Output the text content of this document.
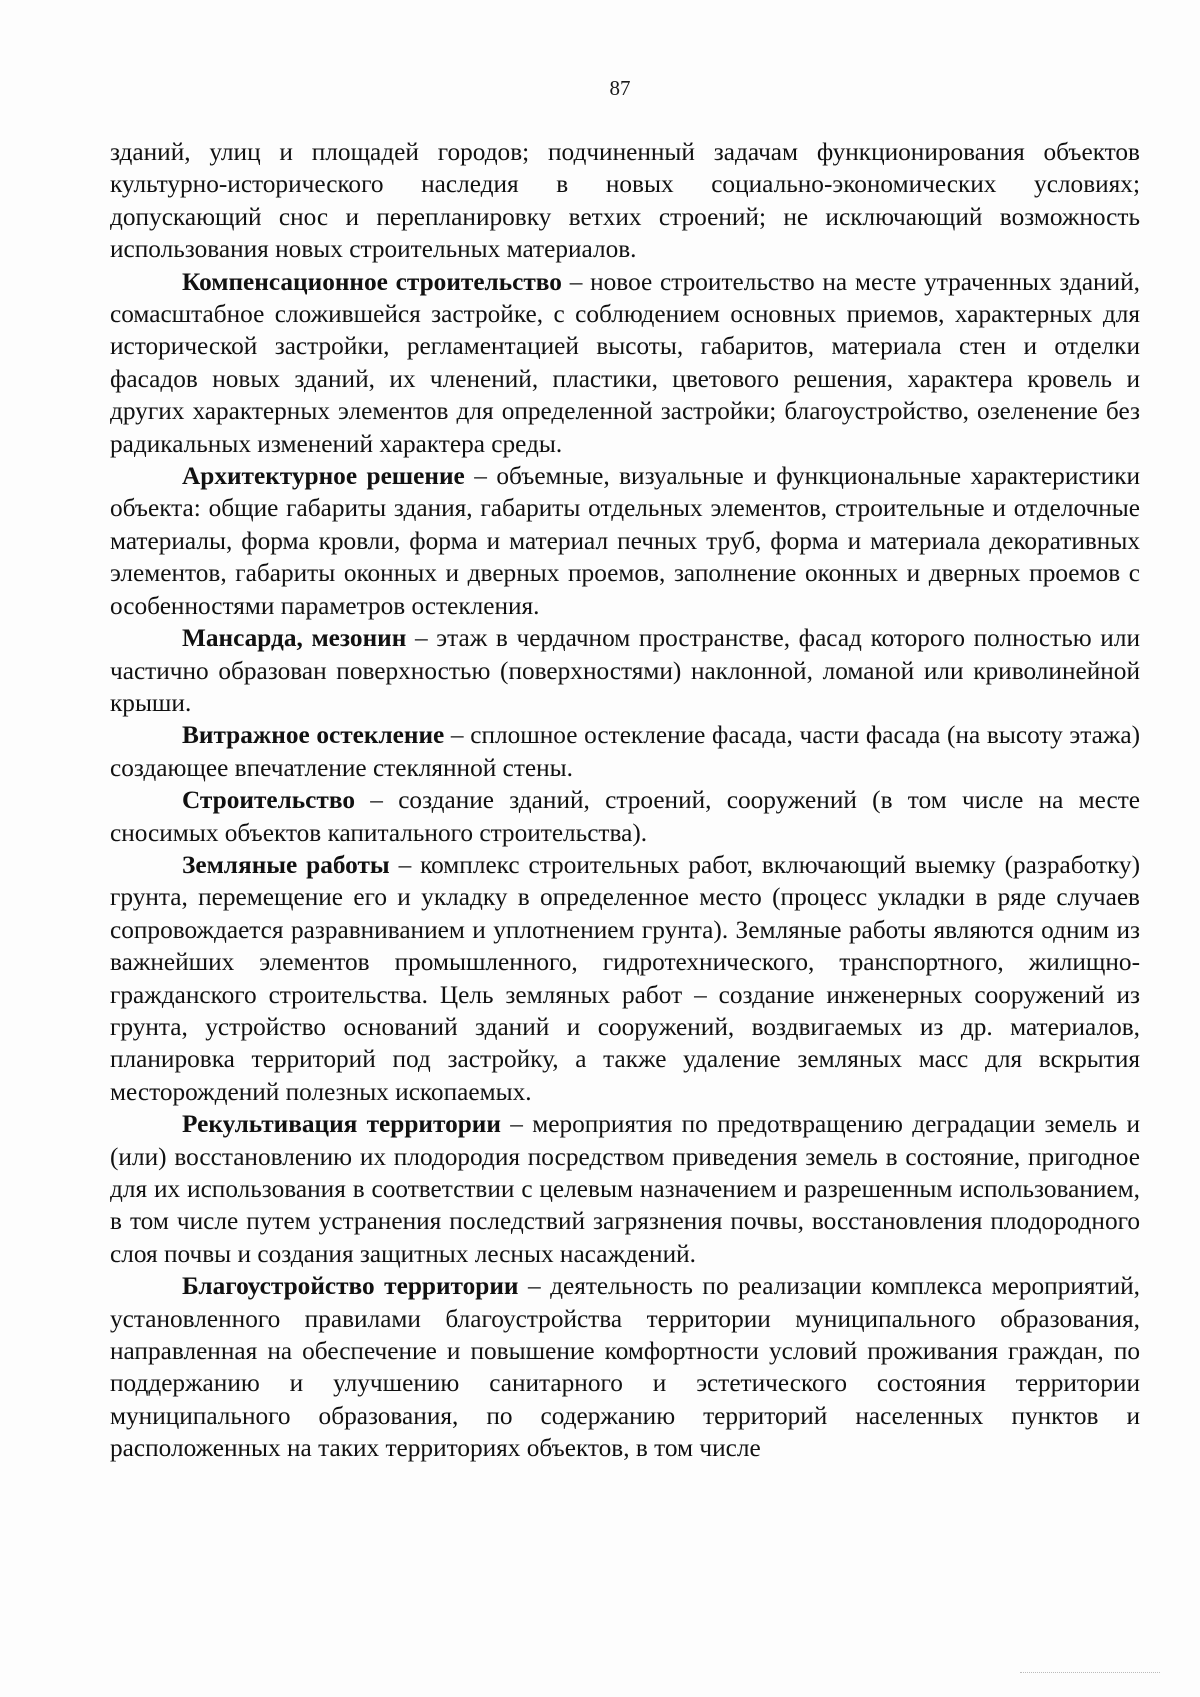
87

зданий, улиц и площадей городов; подчиненный задачам функционирования объектов культурно-исторического наследия в новых социально-экономических условиях; допускающий снос и перепланировку ветхих строений; не исключающий возможность использования новых строительных материалов.

Компенсационное строительство – новое строительство на месте утраченных зданий, сомасштабное сложившейся застройке, с соблюдением основных приемов, характерных для исторической застройки, регламентацией высоты, габаритов, материала стен и отделки фасадов новых зданий, их членений, пластики, цветового решения, характера кровель и других характерных элементов для определенной застройки; благоустройство, озеленение без радикальных изменений характера среды.

Архитектурное решение – объемные, визуальные и функциональные характеристики объекта: общие габариты здания, габариты отдельных элементов, строительные и отделочные материалы, форма кровли, форма и материал печных труб, форма и материала декоративных элементов, габариты оконных и дверных проемов, заполнение оконных и дверных проемов с особенностями параметров остекления.

Мансарда, мезонин – этаж в чердачном пространстве, фасад которого полностью или частично образован поверхностью (поверхностями) наклонной, ломаной или криволинейной крыши.

Витражное остекление – сплошное остекление фасада, части фасада (на высоту этажа) создающее впечатление стеклянной стены.

Строительство – создание зданий, строений, сооружений (в том числе на месте сносимых объектов капитального строительства).

Земляные работы – комплекс строительных работ, включающий выемку (разработку) грунта, перемещение его и укладку в определенное место (процесс укладки в ряде случаев сопровождается разравниванием и уплотнением грунта). Земляные работы являются одним из важнейших элементов промышленного, гидротехнического, транспортного, жилищно-гражданского строительства. Цель земляных работ – создание инженерных сооружений из грунта, устройство оснований зданий и сооружений, воздвигаемых из др. материалов, планировка территорий под застройку, а также удаление земляных масс для вскрытия месторождений полезных ископаемых.

Рекультивация территории – мероприятия по предотвращению деградации земель и (или) восстановлению их плодородия посредством приведения земель в состояние, пригодное для их использования в соответствии с целевым назначением и разрешенным использованием, в том числе путем устранения последствий загрязнения почвы, восстановления плодородного слоя почвы и создания защитных лесных насаждений.

Благоустройство территории – деятельность по реализации комплекса мероприятий, установленного правилами благоустройства территории муниципального образования, направленная на обеспечение и повышение комфортности условий проживания граждан, по поддержанию и улучшению санитарного и эстетического состояния территории муниципального образования, по содержанию территорий населенных пунктов и расположенных на таких территориях объектов, в том числе
